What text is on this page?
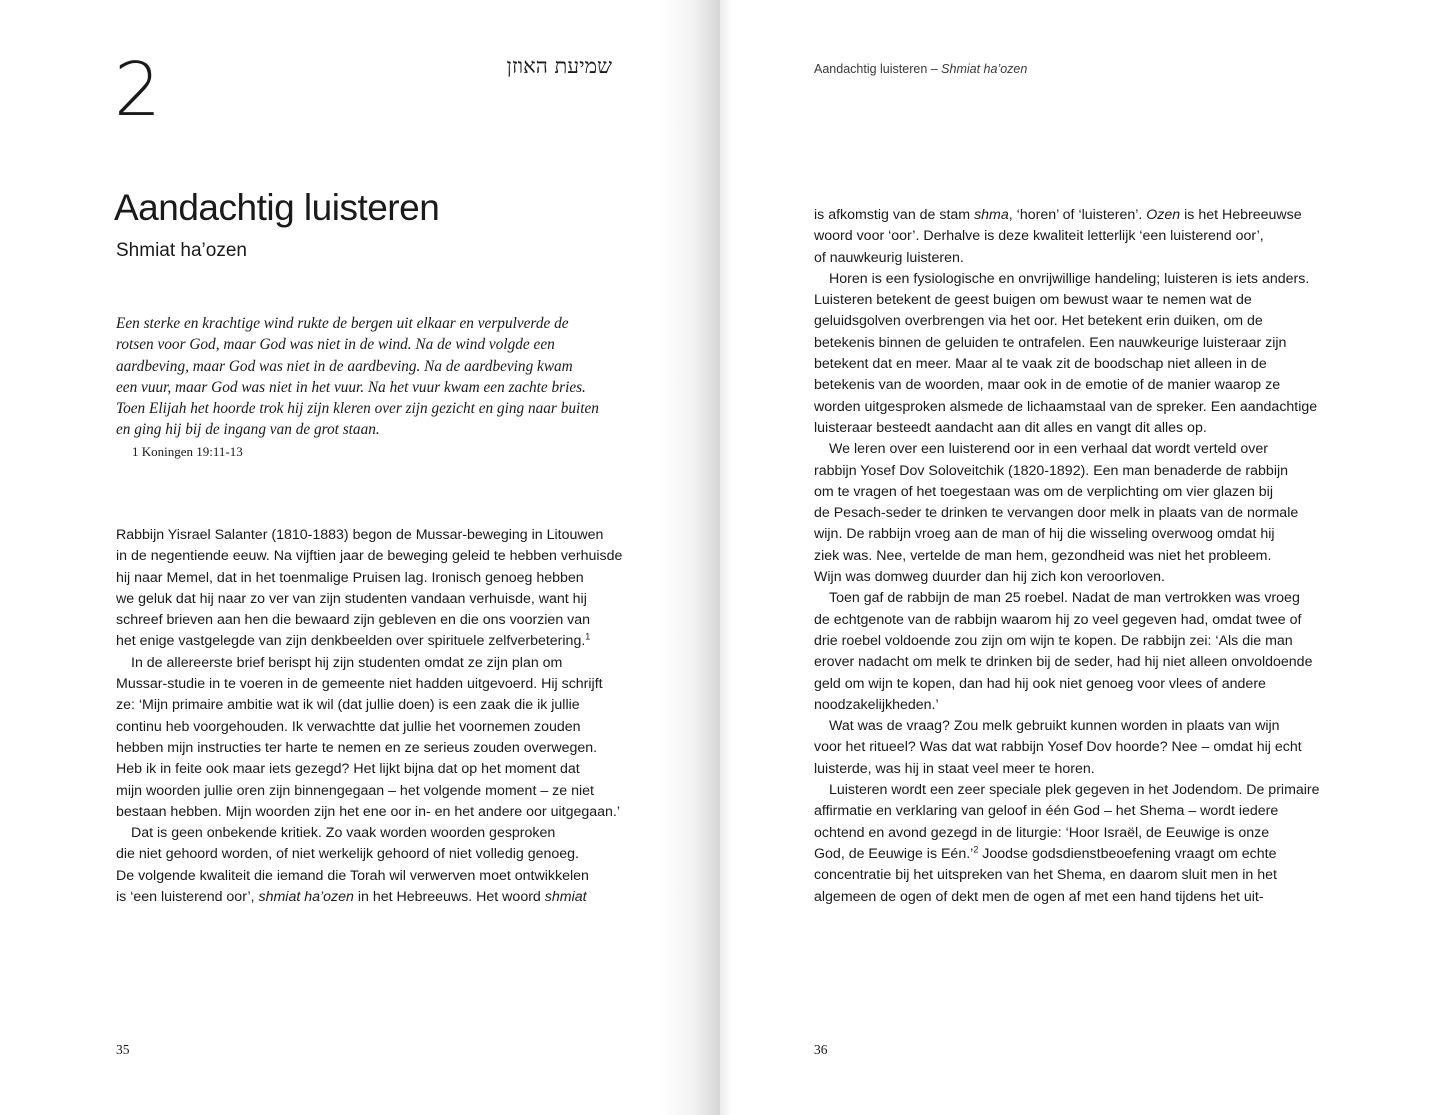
2	שמיעת האוזן
Aandachtig luisteren
Shmiat ha’ozen
Een sterke en krachtige wind rukte de bergen uit elkaar en verpulverde de
rotsen voor God, maar God was niet in de wind. Na de wind volgde een
aardbeving, maar God was niet in de aardbeving. Na de aardbeving kwam
een vuur, maar God was niet in het vuur. Na het vuur kwam een zachte bries.
Toen Elijah het hoorde trok hij zijn kleren over zijn gezicht en ging naar buiten
en ging hij bij de ingang van de grot staan.
1 Koningen 19:11-13
Rabbijn Yisrael Salanter (1810-1883) begon de Mussar-beweging in Litouwen
in de negentiende eeuw. Na vijftien jaar de beweging geleid te hebben verhuisde
hij naar Memel, dat in het toenmalige Pruisen lag. Ironisch genoeg hebben
we geluk dat hij naar zo ver van zijn studenten vandaan verhuisde, want hij
schreef brieven aan hen die bewaard zijn gebleven en die ons voorzien van
het enige vastgelegde van zijn denkbeelden over spirituele zelfverbetering.$^1$
In de allereerste brief berispt hij zijn studenten omdat ze zijn plan om
Mussar-studie in te voeren in de gemeente niet hadden uitgevoerd. Hij schrijft
ze: ‘Mijn primaire ambitie wat ik wil (dat jullie doen) is een zaak die ik jullie
continu heb voorgehouden. Ik verwachtte dat jullie het voornemen zouden
hebben mijn instructies ter harte te nemen en ze serieus zouden overwegen.
Heb ik in feite ook maar iets gezegd? Het lijkt bijna dat op het moment dat
mijn woorden jullie oren zijn binnengegaan – het volgende moment – ze niet
bestaan hebben. Mijn woorden zijn het ene oor in- en het andere oor uitgegaan.’
Dat is geen onbekende kritiek. Zo vaak worden woorden gesproken
die niet gehoord worden, of niet werkelijk gehoord of niet volledig genoeg.
De volgende kwaliteit die iemand die Torah wil verwerven moet ontwikkelen
is ‘een luisterend oor’, shmiat ha’ozen in het Hebreeuws. Het woord shmiat
35
Aandachtig luisteren – Shmiat ha’ozen
is afkomstig van de stam shma, ‘horen’ of ‘luisteren’. Ozen is het Hebreeuwse
woord voor ‘oor’. Derhalve is deze kwaliteit letterlijk ‘een luisterend oor’,
of nauwkeurig luisteren.
Horen is een fysiologische en onvrijwillige handeling; luisteren is iets anders.
Luisteren betekent de geest buigen om bewust waar te nemen wat de
geluidsgolven overbrengen via het oor. Het betekent erin duiken, om de
betekenis binnen de geluiden te ontrafelen. Een nauwkeurige luisteraar zijn
betekent dat en meer. Maar al te vaak zit de boodschap niet alleen in de
betekenis van de woorden, maar ook in de emotie of de manier waarop ze
worden uitgesproken alsmede de lichaamstaal van de spreker. Een aandachtige
luisteraar besteedt aandacht aan dit alles en vangt dit alles op.
We leren over een luisterend oor in een verhaal dat wordt verteld over
rabbijn Yosef Dov Soloveitchik (1820-1892). Een man benaderde de rabbijn
om te vragen of het toegestaan was om de verplichting om vier glazen bij
de Pesach-seder te drinken te vervangen door melk in plaats van de normale
wijn. De rabbijn vroeg aan de man of hij die wisseling overwoog omdat hij
ziek was. Nee, vertelde de man hem, gezondheid was niet het probleem.
Wijn was domweg duurder dan hij zich kon veroorloven.
Toen gaf de rabbijn de man 25 roebel. Nadat de man vertrokken was vroeg
de echtgenote van de rabbijn waarom hij zo veel gegeven had, omdat twee of
drie roebel voldoende zou zijn om wijn te kopen. De rabbijn zei: ‘Als die man
erover nadacht om melk te drinken bij de seder, had hij niet alleen onvoldoende
geld om wijn te kopen, dan had hij ook niet genoeg voor vlees of andere
noodzakelijkheden.’
Wat was de vraag? Zou melk gebruikt kunnen worden in plaats van wijn
voor het ritueel? Was dat wat rabbijn Yosef Dov hoorde? Nee – omdat hij echt
luisterde, was hij in staat veel meer te horen.
Luisteren wordt een zeer speciale plek gegeven in het Jodendom. De primaire
affirmatie en verklaring van geloof in één God – het Shema – wordt iedere
ochtend en avond gezegd in de liturgie: ‘Hoor Israël, de Eeuwige is onze
God, de Eeuwige is Eén.’$^2$ Joodse godsdienstbeoefening vraagt om echte
concentratie bij het uitspreken van het Shema, en daarom sluit men in het
algemeen de ogen of dekt men de ogen af met een hand tijdens het uit-
36
